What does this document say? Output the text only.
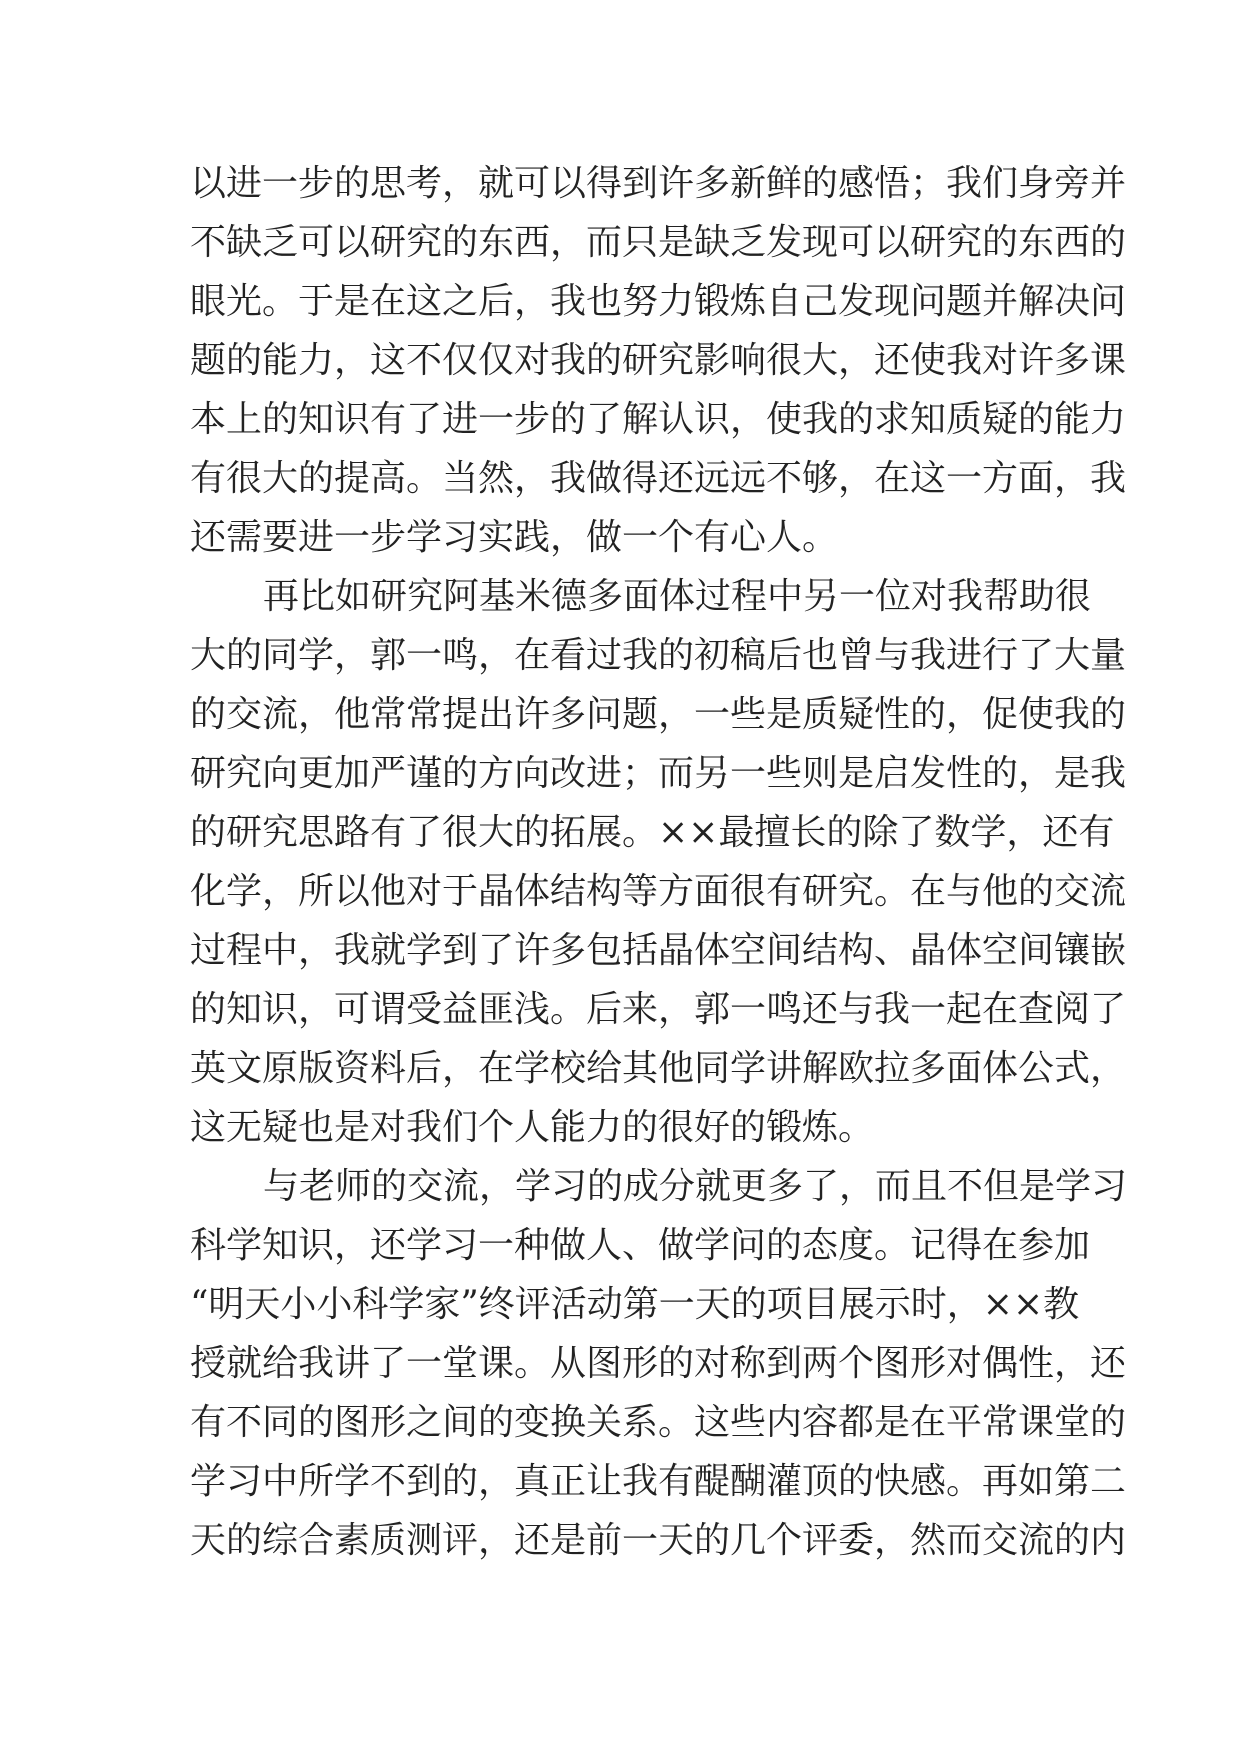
以进一步的思考，就可以得到许多新鲜的感悟；我们身旁并
不缺乏可以研究的东西，而只是缺乏发现可以研究的东西的
眼光。于是在这之后，我也努力锻炼自己发现问题并解决问
题的能力，这不仅仅对我的研究影响很大，还使我对许多课
本上的知识有了进一步的了解认识，使我的求知质疑的能力
有很大的提高。当然，我做得还远远不够，在这一方面，我
还需要进一步学习实践，做一个有心人。
再比如研究阿基米德多面体过程中另一位对我帮助很
大的同学，郭一鸣，在看过我的初稿后也曾与我进行了大量
的交流，他常常提出许多问题，一些是质疑性的，促使我的
研究向更加严谨的方向改进；而另一些则是启发性的，是我
的研究思路有了很大的拓展。××最擅长的除了数学，还有
化学，所以他对于晶体结构等方面很有研究。在与他的交流
过程中，我就学到了许多包括晶体空间结构、晶体空间镶嵌
的知识，可谓受益匪浅。后来，郭一鸣还与我一起在查阅了
英文原版资料后，在学校给其他同学讲解欧拉多面体公式，
这无疑也是对我们个人能力的很好的锻炼。
与老师的交流，学习的成分就更多了，而且不但是学习
科学知识，还学习一种做人、做学问的态度。记得在参加
“明天小小科学家”终评活动第一天的项目展示时，××教
授就给我讲了一堂课。从图形的对称到两个图形对偶性，还
有不同的图形之间的变换关系。这些内容都是在平常课堂的
学习中所学不到的，真正让我有醍醐灌顶的快感。再如第二
天的综合素质测评，还是前一天的几个评委，然而交流的内
